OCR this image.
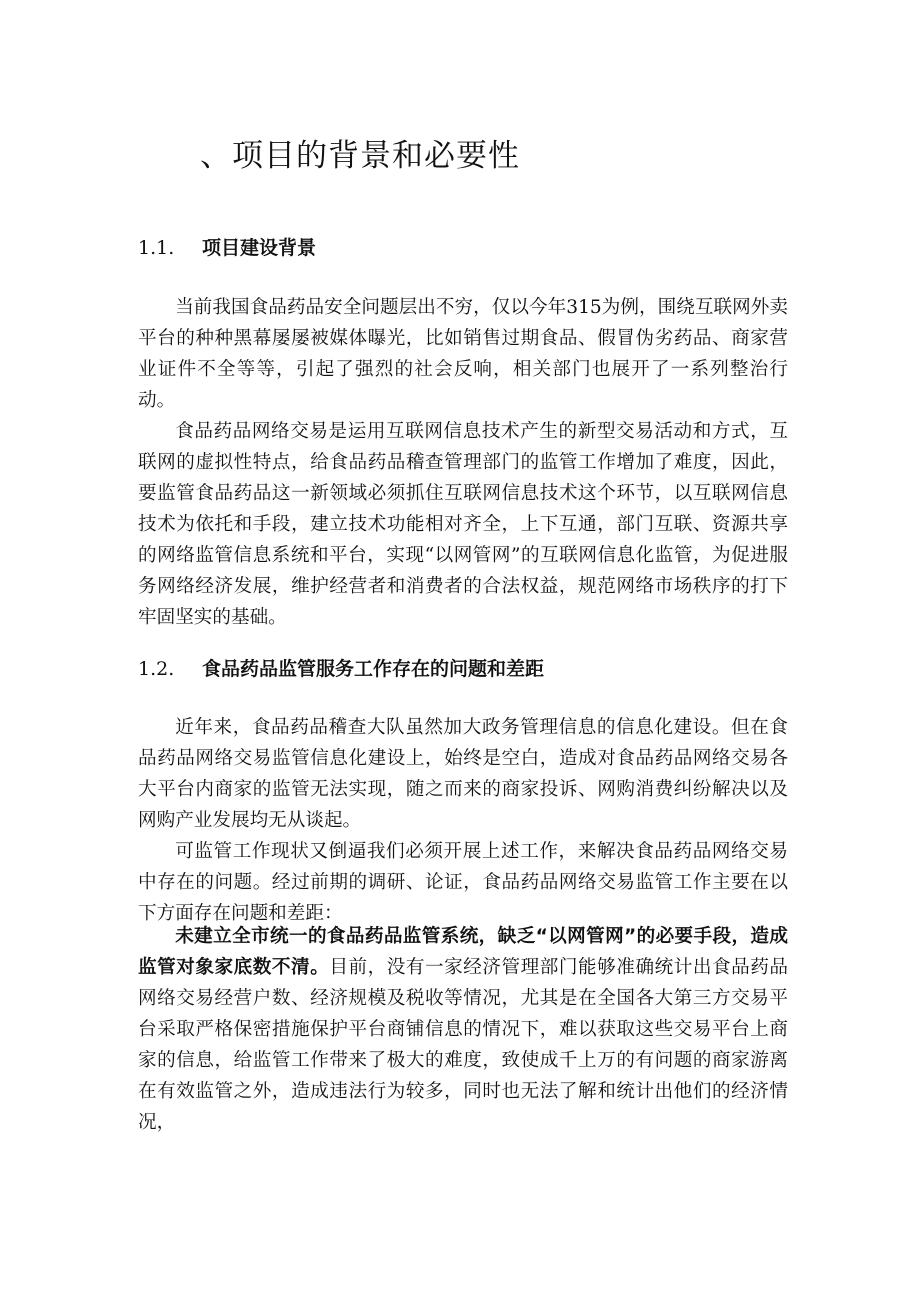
、项目的背景和必要性
1.1. 项目建设背景

当前我国食品药品安全问题层出不穷，仅以今年315为例，围绕互联网外卖平台的种种黑幕屡屡被媒体曝光，比如销售过期食品、假冒伪劣药品、商家营业证件不全等等，引起了强烈的社会反响，相关部门也展开了一系列整治行动。

食品药品网络交易是运用互联网信息技术产生的新型交易活动和方式，互联网的虚拟性特点，给食品药品稽查管理部门的监管工作增加了难度，因此，要监管食品药品这一新领域必须抓住互联网信息技术这个环节，以互联网信息技术为依托和手段，建立技术功能相对齐全，上下互通，部门互联、资源共享的网络监管信息系统和平台，实现“以网管网”的互联网信息化监管，为促进服务网络经济发展，维护经营者和消费者的合法权益，规范网络市场秩序的打下牢固坚实的基础。

1.2. 食品药品监管服务工作存在的问题和差距

近年来，食品药品稽查大队虽然加大政务管理信息的信息化建设。但在食品药品网络交易监管信息化建设上，始终是空白，造成对食品药品网络交易各大平台内商家的监管无法实现，随之而来的商家投诉、网购消费纠纷解决以及网购产业发展均无从谈起。

可监管工作现状又倒逼我们必须开展上述工作，来解决食品药品网络交易中存在的问题。经过前期的调研、论证，食品药品网络交易监管工作主要在以下方面存在问题和差距：

未建立全市统一的食品药品监管系统，缺乏“以网管网”的必要手段，造成监管对象家底数不清。目前，没有一家经济管理部门能够准确统计出食品药品网络交易经营户数、经济规模及税收等情况，尤其是在全国各大第三方交易平台采取严格保密措施保护平台商铺信息的情况下，难以获取这些交易平台上商家的信息，给监管工作带来了极大的难度，致使成千上万的有问题的商家游离在有效监管之外，造成违法行为较多，同时也无法了解和统计出他们的经济情况，
